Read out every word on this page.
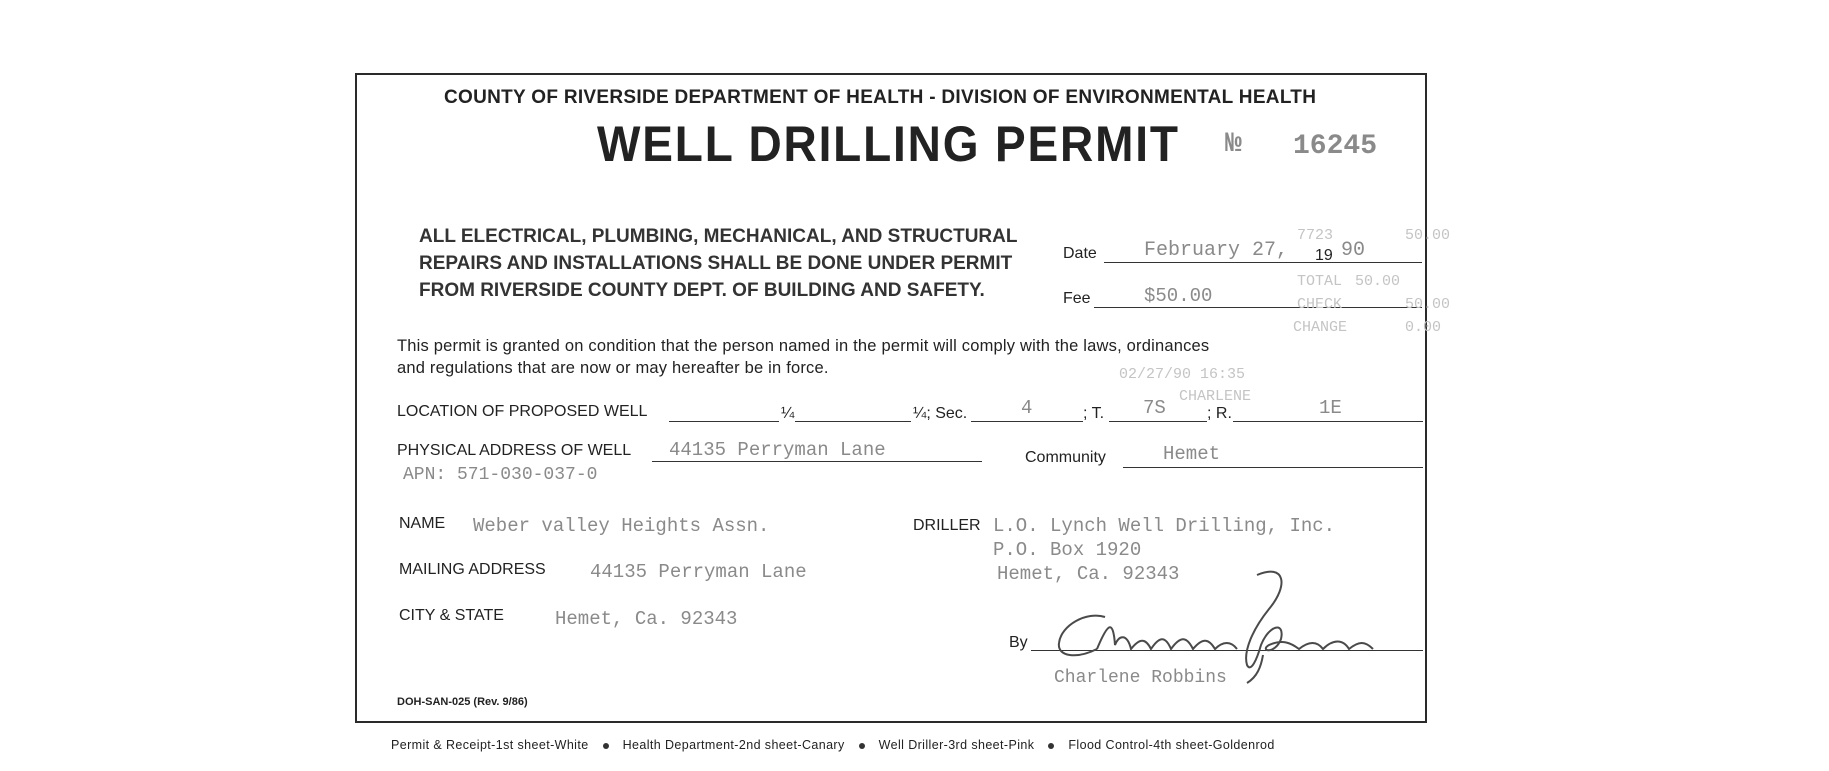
COUNTY OF RIVERSIDE DEPARTMENT OF HEALTH - DIVISION OF ENVIRONMENTAL HEALTH
WELL DRILLING PERMIT № 16245
ALL ELECTRICAL, PLUMBING, MECHANICAL, AND STRUCTURAL
REPAIRS AND INSTALLATIONS SHALL BE DONE UNDER PERMIT
FROM RIVERSIDE COUNTY DEPT. OF BUILDING AND SAFETY.
Date February 27, 19 90
Fee	$50.00
7723	50.00
TOTAL 50.00
CHECK	50.00
CHANGE	0.00
02/27/90 16:35
CHARLENE
This permit is granted on condition that the person named in the permit will comply with the laws, ordinances
and regulations that are now or may hereafter be in force.
LOCATION OF PROPOSED WELL	¼	¼; Sec.	4	; T. 7S	; R.	1E
PHYSICAL ADDRESS OF WELL 44135 Perryman Lane
APN: 571-030-037-0
Community	Hemet
NAME Weber valley Heights Assn.
MAILING ADDRESS 44135 Perryman Lane
CITY & STATE	Hemet, Ca. 92343
DRILLER L.O. Lynch Well Drilling, Inc.
P.O. Box 1920
Hemet, Ca. 92343
By
Charlene Robbins
DOH-SAN-025 (Rev. 9/86)
Permit & Receipt-1st sheet-White	Health Department-2nd sheet-Canary	Well Driller-3rd sheet-Pink	Flood Control-4th sheet-Goldenrod
